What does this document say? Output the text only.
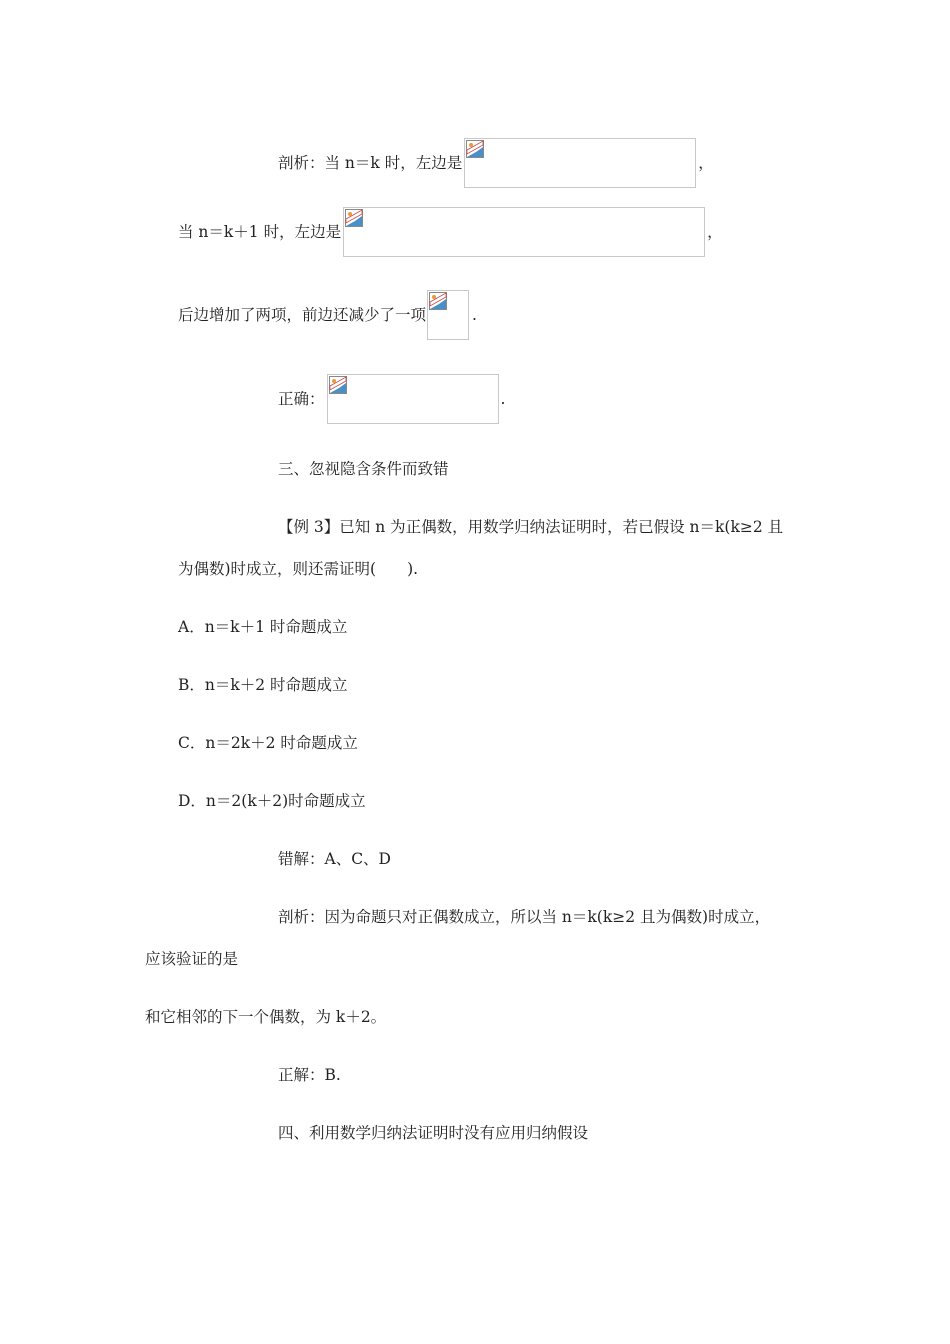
剖析：当 n＝k 时，左边是	，
当 n＝k＋1 时，左边是	，
后边增加了两项，前边还减少了一项	.
正确：	.
三、忽视隐含条件而致错
【例 3】已知 n 为正偶数，用数学归纳法证明时，若已假设 n＝k(k≥2 且
为偶数)时成立，则还需证明(　　).
A．n＝k＋1 时命题成立
B．n＝k＋2 时命题成立
C．n＝2k＋2 时命题成立
D．n＝2(k＋2)时命题成立
错解：A、C、D
剖析：因为命题只对正偶数成立，所以当 n＝k(k≥2 且为偶数)时成立，
应该验证的是
和它相邻的下一个偶数，为 k＋2。
正解：B.
四、利用数学归纳法证明时没有应用归纳假设
